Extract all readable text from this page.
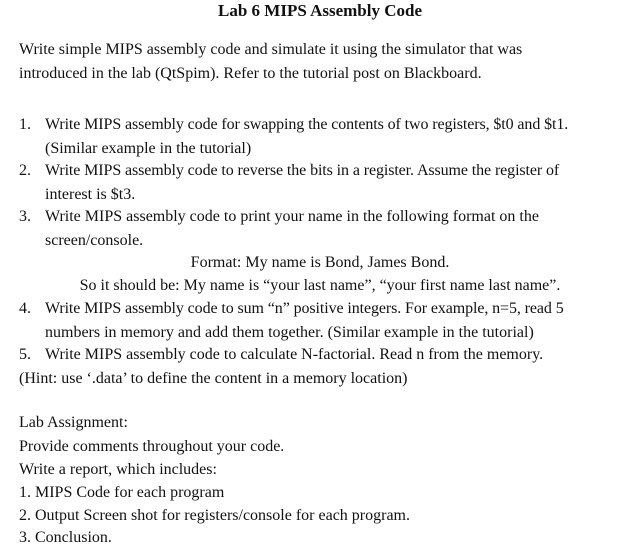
Lab 6 MIPS Assembly Code
Write simple MIPS assembly code and simulate it using the simulator that was
introduced in the lab (QtSpim). Refer to the tutorial post on Blackboard.
1. Write MIPS assembly code for swapping the contents of two registers, $t0 and $t1.
(Similar example in the tutorial)
2. Write MIPS assembly code to reverse the bits in a register. Assume the register of
interest is $t3.
3. Write MIPS assembly code to print your name in the following format on the
screen/console.
Format: My name is Bond, James Bond.
So it should be: My name is “your last name”, “your first name last name”.
4. Write MIPS assembly code to sum “n” positive integers. For example, n=5, read 5
numbers in memory and add them together. (Similar example in the tutorial)
5. Write MIPS assembly code to calculate N-factorial. Read n from the memory.
(Hint: use ‘.data’ to define the content in a memory location)
Lab Assignment:
Provide comments throughout your code.
Write a report, which includes:
1. MIPS Code for each program
2. Output Screen shot for registers/console for each program.
3. Conclusion.
